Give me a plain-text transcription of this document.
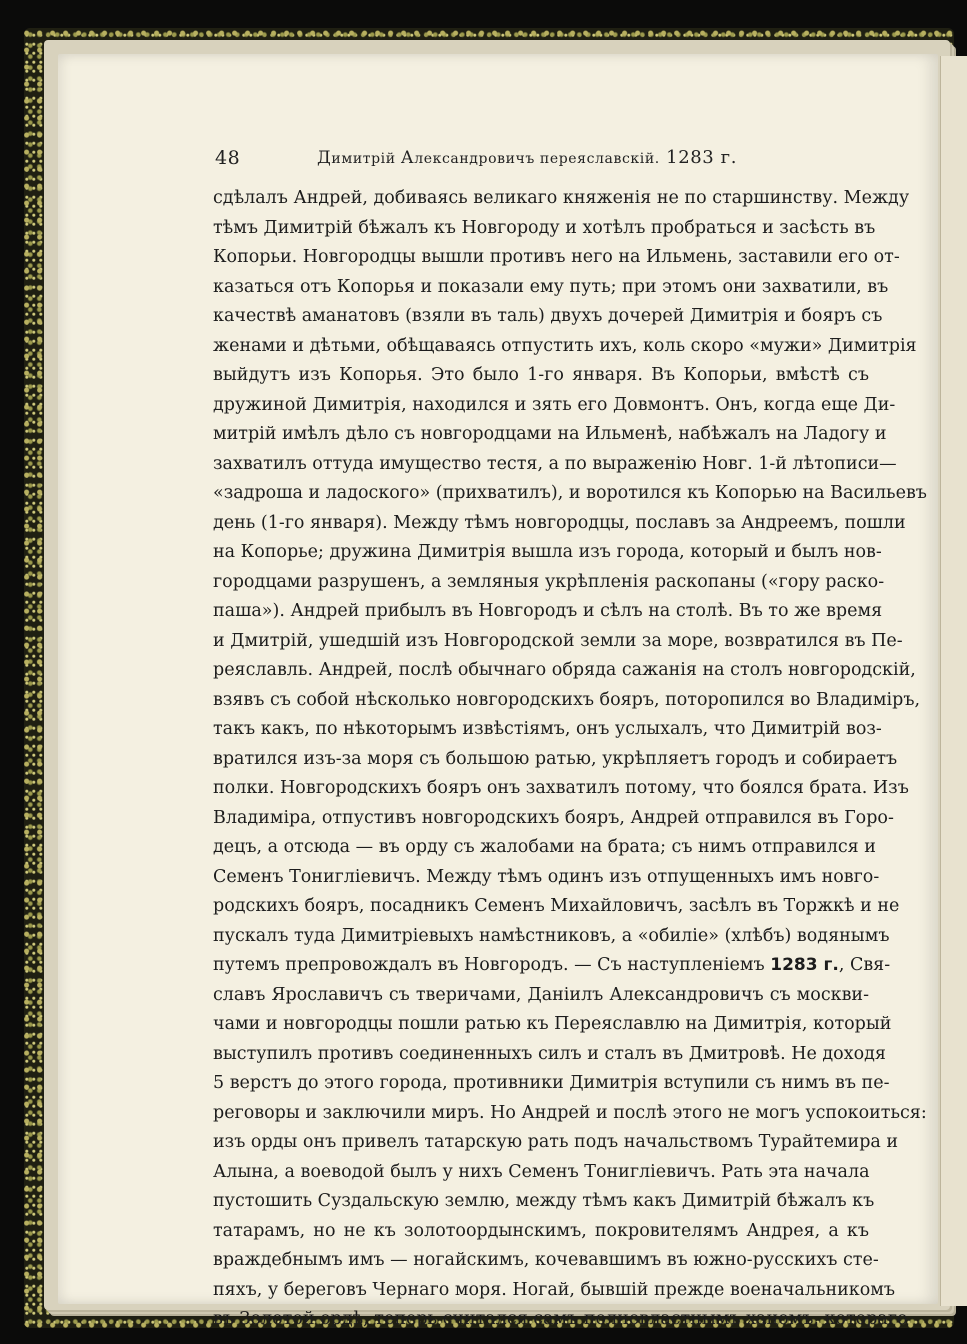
48	Димитрій Александровичъ переяславскій. 1283 г.
сдѣлалъ Андрей, добиваясь великаго княженія не по старшинству. Между
тѣмъ Димитрій бѣжалъ къ Новгороду и хотѣлъ пробраться и засѣсть въ
Копорьи. Новгородцы вышли противъ него на Ильмень, заставили его от-
казаться отъ Копорья и показали ему путь; при этомъ они захватили, въ
качествѣ аманатовъ (взяли въ таль) двухъ дочерей Димитрія и бояръ съ
женами и дѣтьми, обѣщаваясь отпустить ихъ, коль скоро «мужи» Димитрія
выйдутъ изъ Копорья. Это было 1-го января. Въ Копорьи, вмѣстѣ съ
дружиной Димитрія, находился и зять его Довмонтъ. Онъ, когда еще Ди-
митрій имѣлъ дѣло съ новгородцами на Ильменѣ, набѣжалъ на Ладогу и
захватилъ оттуда имущество тестя, а по выраженію Новг. 1-й лѣтописи—
«задроша и ладоского» (прихватилъ), и воротился къ Копорью на Васильевъ
день (1-го января). Между тѣмъ новгородцы, пославъ за Андреемъ, пошли
на Копорье; дружина Димитрія вышла изъ города, который и былъ нов-
городцами разрушенъ, а земляныя укрѣпленія раскопаны («гору раско-
паша»). Андрей прибылъ въ Новгородъ и сѣлъ на столѣ. Въ то же время
и Дмитрій, ушедшій изъ Новгородской земли за море, возвратился въ Пе-
реяславль. Андрей, послѣ обычнаго обряда сажанія на столъ новгородскій,
взявъ съ собой нѣсколько новгородскихъ бояръ, поторопился во Владиміръ,
такъ какъ, по нѣкоторымъ извѣстіямъ, онъ услыхалъ, что Димитрій воз-
вратился изъ-за моря съ большою ратью, укрѣпляетъ городъ и собираетъ
полки. Новгородскихъ бояръ онъ захватилъ потому, что боялся брата. Изъ
Владиміра, отпустивъ новгородскихъ бояръ, Андрей отправился въ Горо-
децъ, а отсюда — въ орду съ жалобами на брата; съ нимъ отправился и
Семенъ Тонигліевичъ. Между тѣмъ одинъ изъ отпущенныхъ имъ новго-
родскихъ бояръ, посадникъ Семенъ Михайловичъ, засѣлъ въ Торжкѣ и не
пускалъ туда Димитріевыхъ намѣстниковъ, а «обиліе» (хлѣбъ) водянымъ
путемъ препровождалъ въ Новгородъ. — Съ наступленіемъ 1283 г., Свя-
славъ Ярославичъ съ тверичами, Даніилъ Александровичъ съ москви-
чами и новгородцы пошли ратью къ Переяславлю на Димитрія, который
выступилъ противъ соединенныхъ силъ и сталъ въ Дмитровѣ. Не доходя
5 верстъ до этого города, противники Димитрія вступили съ нимъ въ пе-
реговоры и заключили миръ. Но Андрей и послѣ этого не могъ успокоиться:
изъ орды онъ привелъ татарскую рать подъ начальствомъ Турайтемира и
Алына, а воеводой былъ у нихъ Семенъ Тонигліевичъ. Рать эта начала
пустошить Суздальскую землю, между тѣмъ какъ Димитрій бѣжалъ къ
татарамъ, но не къ золотоордынскимъ, покровителямъ Андрея, а къ
враждебнымъ имъ — ногайскимъ, кочевавшимъ въ южно-русскихъ сте-
пяхъ, у береговъ Чернаго моря. Ногай, бывшій прежде военачальникомъ
въ Золотой ордѣ, теперь считался самъ полновластнымъ ханомъ, котораго
